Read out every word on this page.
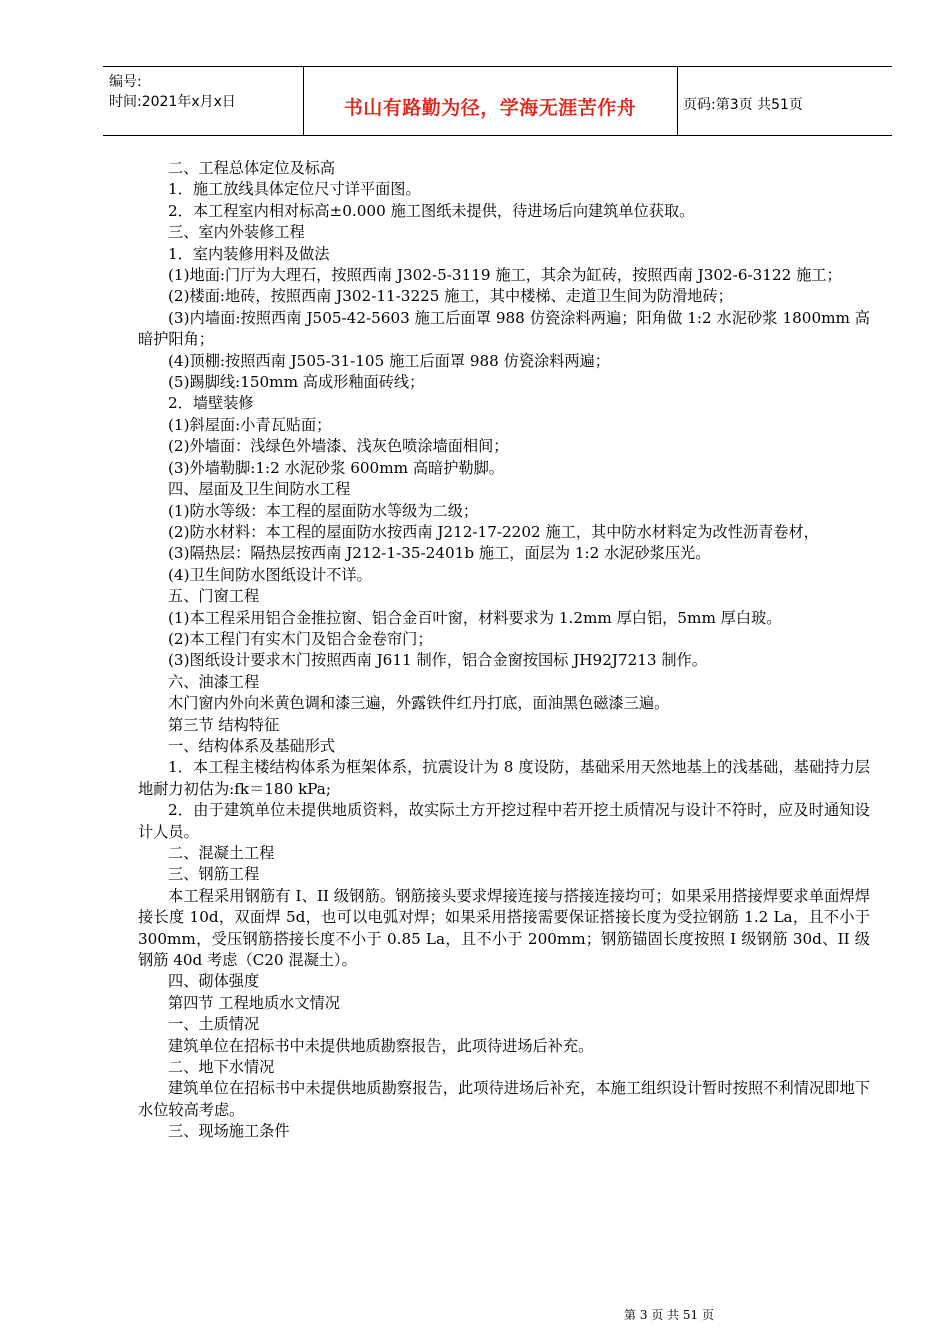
编号:
时间:2021年x月x日	书山有路勤为径，学海无涯苦作舟	页码:第3页 共51页

二、工程总体定位及标高

1．施工放线具体定位尺寸详平面图。

2．本工程室内相对标高±0.000 施工图纸未提供，待进场后向建筑单位获取。

三、室内外装修工程

1．室内装修用料及做法

(1)地面:门厅为大理石，按照西南 J302-5-3119 施工，其余为缸砖，按照西南 J302-6-3122 施工；

(2)楼面:地砖，按照西南 J302-11-3225 施工，其中楼梯、走道卫生间为防滑地砖；

(3)内墙面:按照西南 J505-42-5603 施工后面罩 988 仿瓷涂料两遍；阳角做 1:2 水泥砂浆 1800mm 高暗护阳角；

(4)顶棚:按照西南 J505-31-105 施工后面罩 988 仿瓷涂料两遍；

(5)踢脚线:150mm 高成形釉面砖线；

2．墙壁装修

(1)斜屋面:小青瓦贴面；

(2)外墙面：浅绿色外墙漆、浅灰色喷涂墙面相间；

(3)外墙勒脚:1:2 水泥砂浆 600mm 高暗护勒脚。

四、屋面及卫生间防水工程

(1)防水等级：本工程的屋面防水等级为二级；

(2)防水材料：本工程的屋面防水按西南 J212-17-2202 施工，其中防水材料定为改性沥青卷材，

(3)隔热层：隔热层按西南 J212-1-35-2401b 施工，面层为 1:2 水泥砂浆压光。

(4)卫生间防水图纸设计不详。

五、门窗工程

(1)本工程采用铝合金推拉窗、铝合金百叶窗，材料要求为 1.2mm 厚白铝，5mm 厚白玻。

(2)本工程门有实木门及铝合金卷帘门；

(3)图纸设计要求木门按照西南 J611 制作，铝合金窗按国标 JH92J7213 制作。

六、油漆工程

木门窗内外向米黄色调和漆三遍，外露铁件红丹打底，面油黑色磁漆三遍。

第三节 结构特征

一、结构体系及基础形式

1．本工程主楼结构体系为框架体系，抗震设计为 8 度设防，基础采用天然地基上的浅基础，基础持力层地耐力初估为:fk＝180 kPa;

2．由于建筑单位未提供地质资料，故实际土方开挖过程中若开挖土质情况与设计不符时，应及时通知设计人员。

二、混凝土工程

三、钢筋工程

本工程采用钢筋有 I、II 级钢筋。钢筋接头要求焊接连接与搭接连接均可；如果采用搭接焊要求单面焊焊接长度 10d，双面焊 5d，也可以电弧对焊；如果采用搭接需要保证搭接长度为受拉钢筋 1.2 La，且不小于 300mm，受压钢筋搭接长度不小于 0.85 La，且不小于 200mm；钢筋锚固长度按照 I 级钢筋 30d、II 级钢筋 40d 考虑（C20 混凝土）。

四、砌体强度

第四节 工程地质水文情况

一、土质情况

建筑单位在招标书中未提供地质勘察报告，此项待进场后补充。

二、地下水情况

建筑单位在招标书中未提供地质勘察报告，此项待进场后补充，本施工组织设计暂时按照不利情况即地下水位较高考虑。

三、现场施工条件

第 3 页 共 51 页
